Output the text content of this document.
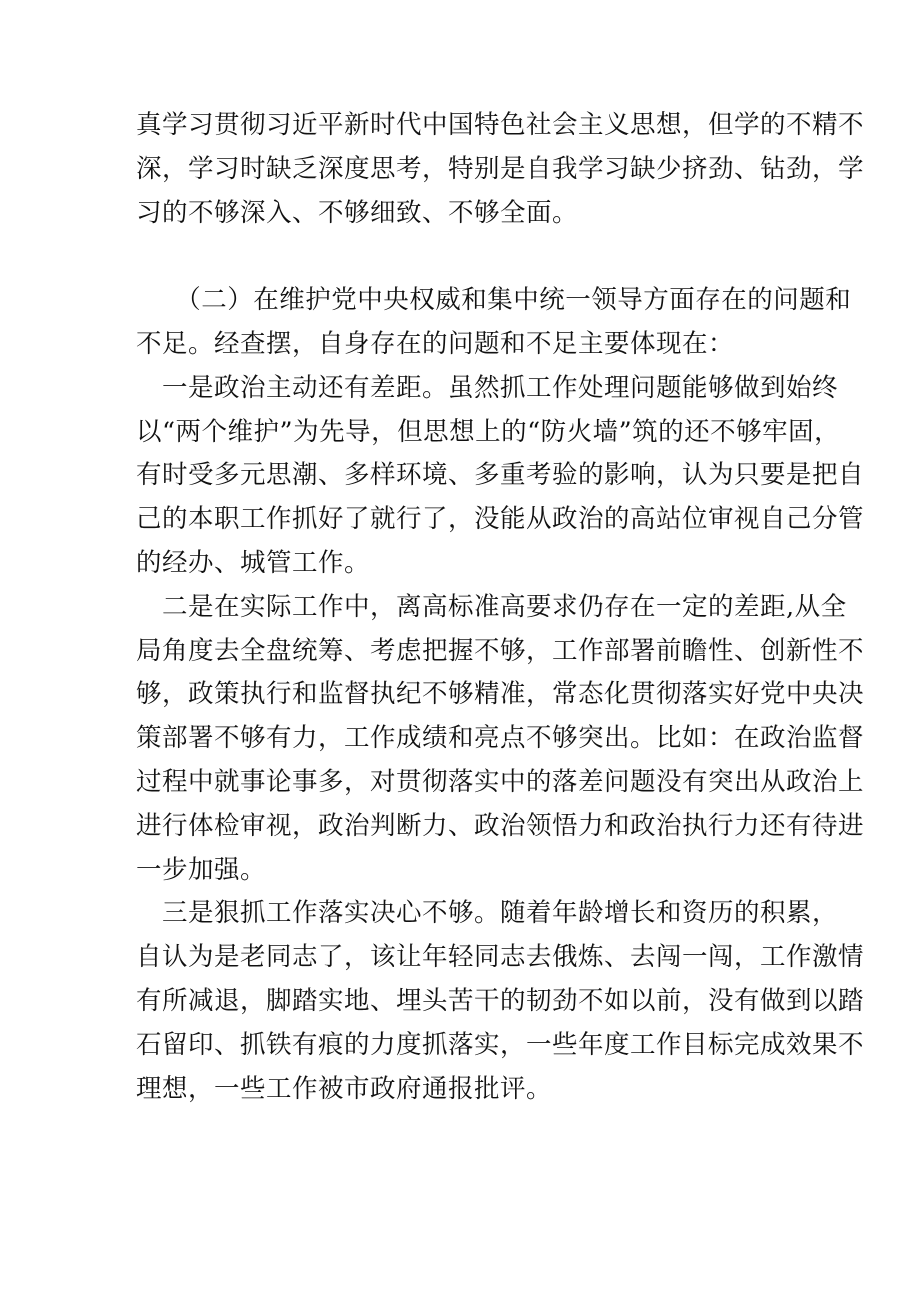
真学习贯彻习近平新时代中国特色社会主义思想，但学的不精不
深，学习时缺乏深度思考，特别是自我学习缺少挤劲、钻劲，学
习的不够深入、不够细致、不够全面。
　　（二）在维护党中央权威和集中统一领导方面存在的问题和
不足。经查摆，自身存在的问题和不足主要体现在：
　一是政治主动还有差距。虽然抓工作处理问题能够做到始终
以“两个维护”为先导，但思想上的“防火墙”筑的还不够牢固，
有时受多元思潮、多样环境、多重考验的影响，认为只要是把自
己的本职工作抓好了就行了，没能从政治的高站位审视自己分管
的经办、城管工作。
　二是在实际工作中，离高标准高要求仍存在一定的差距,从全
局角度去全盘统筹、考虑把握不够，工作部署前瞻性、创新性不
够，政策执行和监督执纪不够精准，常态化贯彻落实好党中央决
策部署不够有力，工作成绩和亮点不够突出。比如：在政治监督
过程中就事论事多，对贯彻落实中的落差问题没有突出从政治上
进行体检审视，政治判断力、政治领悟力和政治执行力还有待进
一步加强。
　三是狠抓工作落实决心不够。随着年龄增长和资历的积累，
自认为是老同志了，该让年轻同志去俄炼、去闯一闯，工作激情
有所减退，脚踏实地、埋头苦干的韧劲不如以前，没有做到以踏
石留印、抓铁有痕的力度抓落实，一些年度工作目标完成效果不
理想，一些工作被市政府通报批评。
